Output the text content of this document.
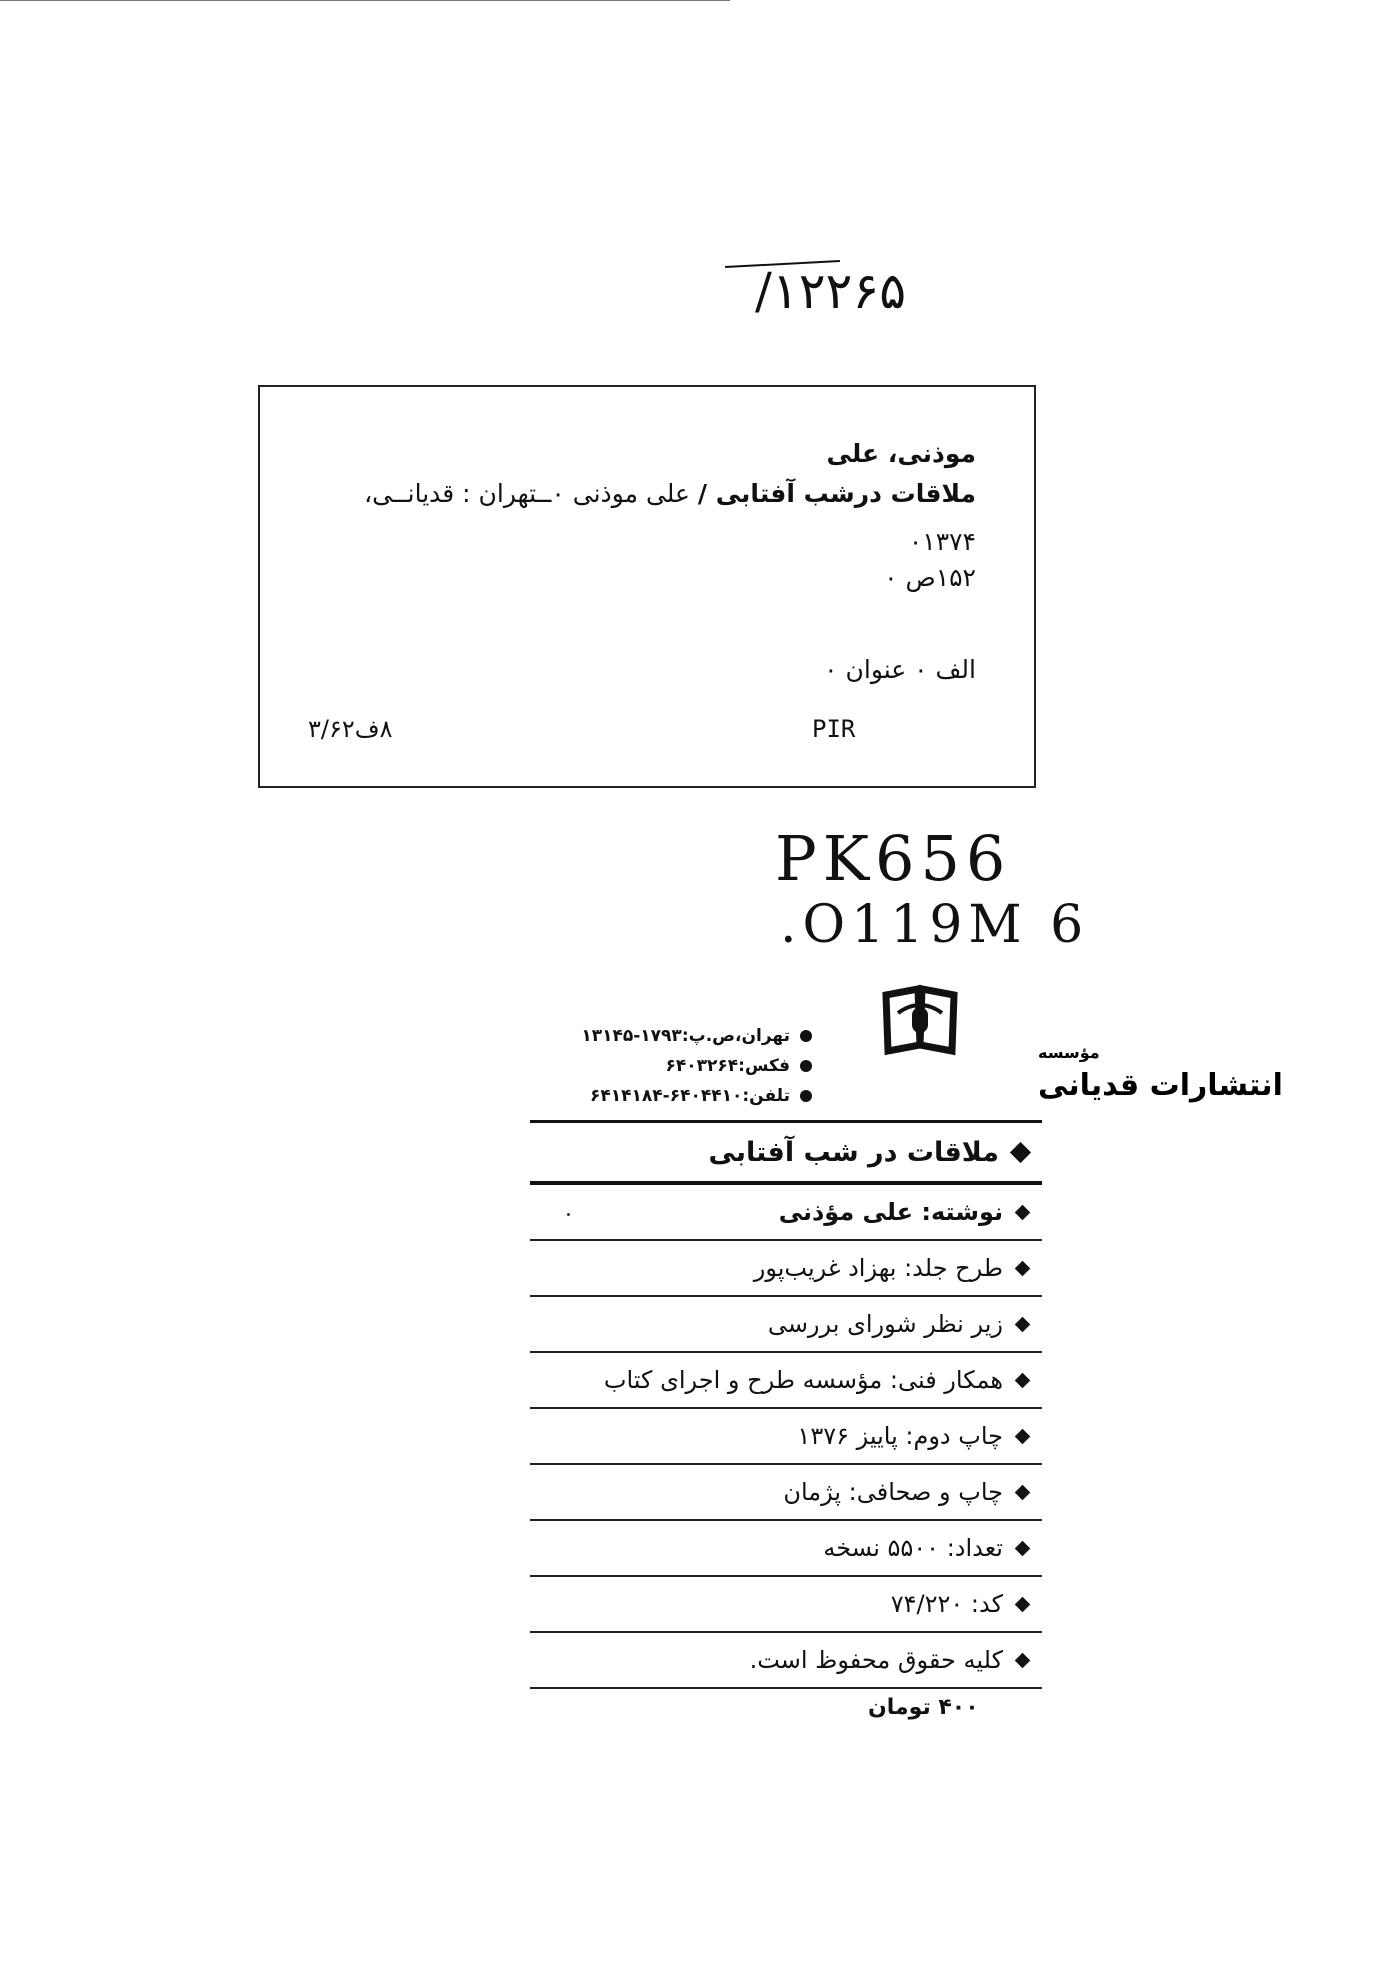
/۱۲۲۶۵
موذنی، علی
ملاقات درشب آفتابی / علی موذنی ۰ــتهران : قدیانــی،
۰۱۳۷۴
۱۵۲ص ۰
الف ۰ عنوان ۰
PIR
۸ف۳/۶۲
PK656
.O119M 6
مؤسسه
انتشارات قدیانی
تهران،ص.پ:۱۷۹۳-۱۳۱۴۵
فکس:۶۴۰۳۲۶۴
تلفن:۶۴۰۴۴۱۰-۶۴۱۴۱۸۴
ملاقات در شب آفتابی
نوشته: علی مؤذنی
طرح جلد: بهزاد غریب‌پور
زیر نظر شورای بررسی
همکار فنی: مؤسسه طرح و اجرای کتاب
چاپ دوم: پاییز ۱۳۷۶
چاپ و صحافی: پژمان
تعداد: ۵۵۰۰ نسخه
کد: ۷۴/۲۲۰
کلیه حقوق محفوظ است.
۴۰۰ تومان
